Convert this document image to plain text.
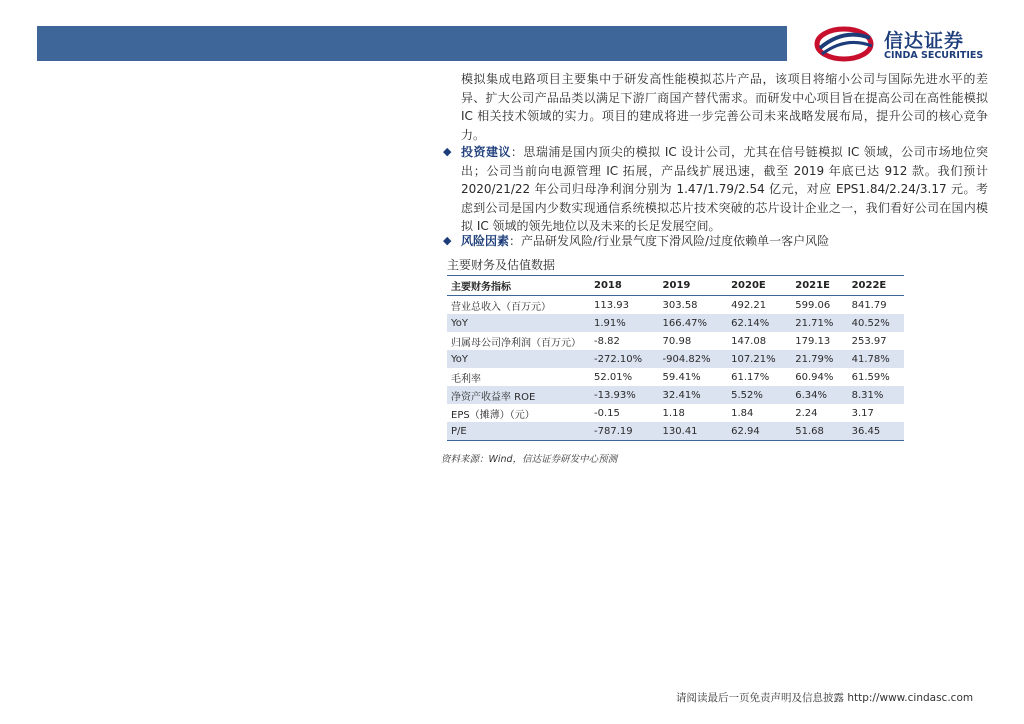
信达证券
CINDA SECURITIES
模拟集成电路项目主要集中于研发高性能模拟芯片产品，该项目将缩小公司与国际先进水平的差异、扩大公司产品品类以满足下游厂商国产替代需求。而研发中心项目旨在提高公司在高性能模拟 IC 相关技术领域的实力。项目的建成将进一步完善公司未来战略发展布局，提升公司的核心竞争力。
◆ 投资建议：思瑞浦是国内顶尖的模拟 IC 设计公司，尤其在信号链模拟 IC 领域，公司市场地位突出；公司当前向电源管理 IC 拓展，产品线扩展迅速，截至 2019 年底已达 912 款。我们预计 2020/21/22 年公司归母净利润分别为 1.47/1.79/2.54 亿元，对应 EPS1.84/2.24/3.17 元。考虑到公司是国内少数实现通信系统模拟芯片技术突破的芯片设计企业之一，我们看好公司在国内模拟 IC 领域的领先地位以及未来的长足发展空间。
◆ 风险因素：产品研发风险/行业景气度下滑风险/过度依赖单一客户风险
主要财务及估值数据
主要财务指标	2018	2019	2020E	2021E	2022E
营业总收入（百万元）	113.93	303.58	492.21	599.06	841.79
YoY	1.91%	166.47%	62.14%	21.71%	40.52%
归属母公司净利润（百万元）	-8.82	70.98	147.08	179.13	253.97
YoY	-272.10%	-904.82%	107.21%	21.79%	41.78%
毛利率	52.01%	59.41%	61.17%	60.94%	61.59%
净资产收益率 ROE	-13.93%	32.41%	5.52%	6.34%	8.31%
EPS（摊薄）（元）	-0.15	1.18	1.84	2.24	3.17
P/E	-787.19	130.41	62.94	51.68	36.45
资料来源：Wind，信达证券研发中心预测
请阅读最后一页免责声明及信息披露 http://www.cindasc.com
